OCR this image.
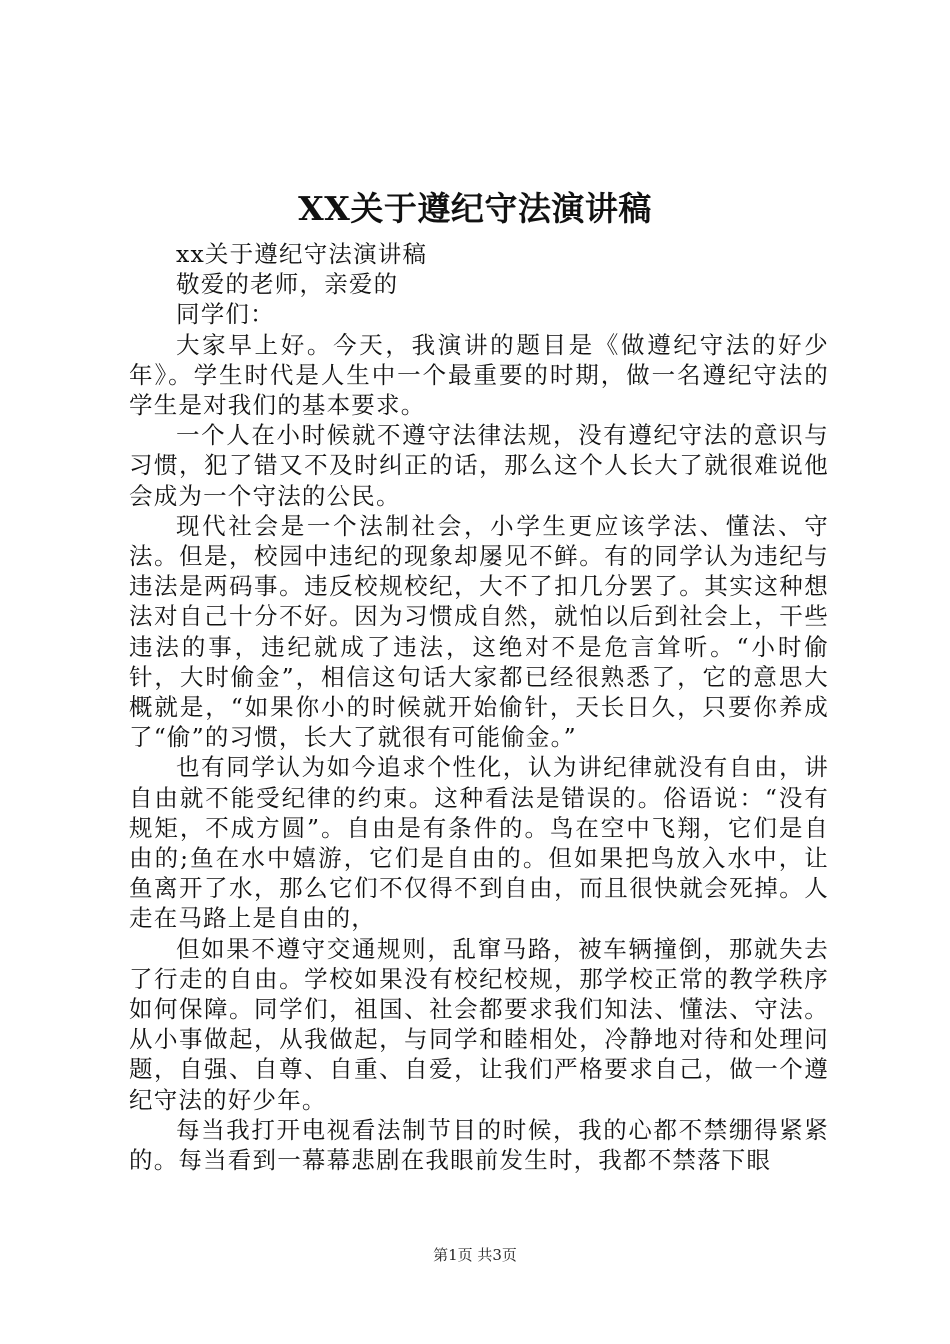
XX关于遵纪守法演讲稿

xx关于遵纪守法演讲稿

敬爱的老师，亲爱的

同学们：

大家早上好。今天，我演讲的题目是《做遵纪守法的好少年》。学生时代是人生中一个最重要的时期，做一名遵纪守法的学生是对我们的基本要求。

一个人在小时候就不遵守法律法规，没有遵纪守法的意识与习惯，犯了错又不及时纠正的话，那么这个人长大了就很难说他会成为一个守法的公民。

现代社会是一个法制社会，小学生更应该学法、懂法、守法。但是，校园中违纪的现象却屡见不鲜。有的同学认为违纪与违法是两码事。违反校规校纪，大不了扣几分罢了。其实这种想法对自己十分不好。因为习惯成自然，就怕以后到社会上，干些违法的事，违纪就成了违法，这绝对不是危言耸听。“小时偷针，大时偷金”，相信这句话大家都已经很熟悉了，它的意思大概就是，“如果你小的时候就开始偷针，天长日久，只要你养成了“偷”的习惯，长大了就很有可能偷金。”

也有同学认为如今追求个性化，认为讲纪律就没有自由，讲自由就不能受纪律的约束。这种看法是错误的。俗语说：“没有规矩，不成方圆”。自由是有条件的。鸟在空中飞翔，它们是自由的;鱼在水中嬉游，它们是自由的。但如果把鸟放入水中，让鱼离开了水，那么它们不仅得不到自由，而且很快就会死掉。人走在马路上是自由的，

但如果不遵守交通规则，乱窜马路，被车辆撞倒，那就失去了行走的自由。学校如果没有校纪校规，那学校正常的教学秩序如何保障。同学们，祖国、社会都要求我们知法、懂法、守法。从小事做起，从我做起，与同学和睦相处，冷静地对待和处理问题，自强、自尊、自重、自爱，让我们严格要求自己，做一个遵纪守法的好少年。

每当我打开电视看法制节目的时候，我的心都不禁绷得紧紧的。每当看到一幕幕悲剧在我眼前发生时，我都不禁落下眼

第1页 共3页
